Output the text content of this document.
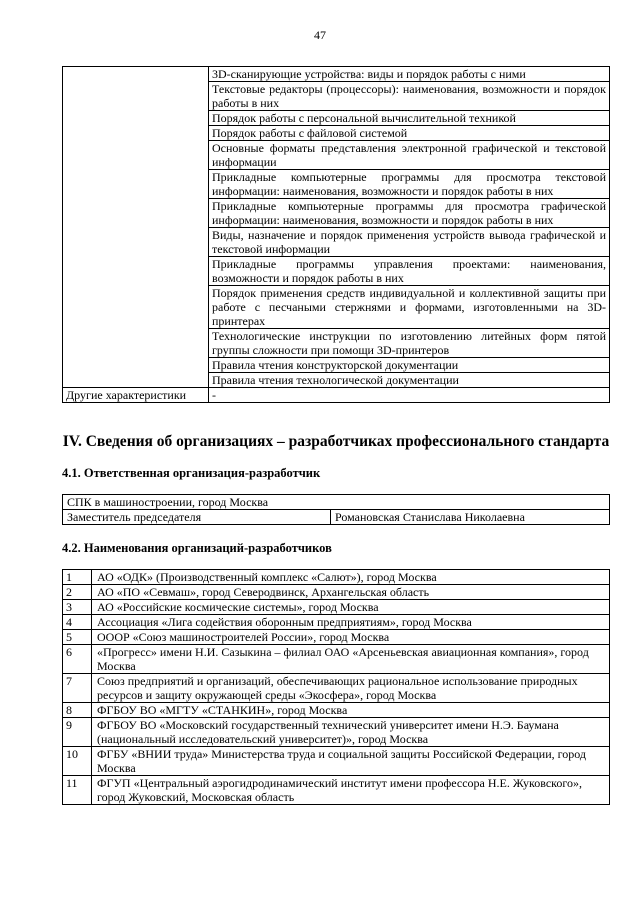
47
	3D-сканирующие устройства: виды и порядок работы с ними
	Текстовые редакторы (процессоры): наименования, возможности и порядок работы в них
	Порядок работы с персональной вычислительной техникой
	Порядок работы с файловой системой
	Основные форматы представления электронной графической и текстовой информации
	Прикладные компьютерные программы для просмотра текстовой информации: наименования, возможности и порядок работы в них
	Прикладные компьютерные программы для просмотра графической информации: наименования, возможности и порядок работы в них
	Виды, назначение и порядок применения устройств вывода графической и текстовой информации
	Прикладные программы управления проектами: наименования, возможности и порядок работы в них
	Порядок применения средств индивидуальной и коллективной защиты при работе с песчаными стержнями и формами, изготовленными на 3D-принтерах
	Технологические инструкции по изготовлению литейных форм пятой группы сложности при помощи 3D-принтеров
	Правила чтения конструкторской документации
	Правила чтения технологической документации
Другие характеристики	-
IV. Сведения об организациях – разработчиках профессионального стандарта
4.1. Ответственная организация-разработчик
СПК в машиностроении, город Москва
Заместитель председателя	Романовская Станислава Николаевна
4.2. Наименования организаций-разработчиков
1	АО «ОДК» (Производственный комплекс «Салют»), город Москва
2	АО «ПО «Севмаш», город Северодвинск, Архангельская область
3	АО «Российские космические системы», город Москва
4	Ассоциация «Лига содействия оборонным предприятиям», город Москва
5	ОООР «Союз машиностроителей России», город Москва
6	«Прогресс» имени Н.И. Сазыкина – филиал ОАО «Арсеньевская авиационная компания», город Москва
7	Союз предприятий и организаций, обеспечивающих рациональное использование природных ресурсов и защиту окружающей среды «Экосфера», город Москва
8	ФГБОУ ВО «МГТУ «СТАНКИН», город Москва
9	ФГБОУ ВО «Московский государственный технический университет имени Н.Э. Баумана (национальный исследовательский университет)», город Москва
10	ФГБУ «ВНИИ труда» Министерства труда и социальной защиты Российской Федерации, город Москва
11	ФГУП «Центральный аэрогидродинамический институт имени профессора Н.Е. Жуковского», город Жуковский, Московская область
